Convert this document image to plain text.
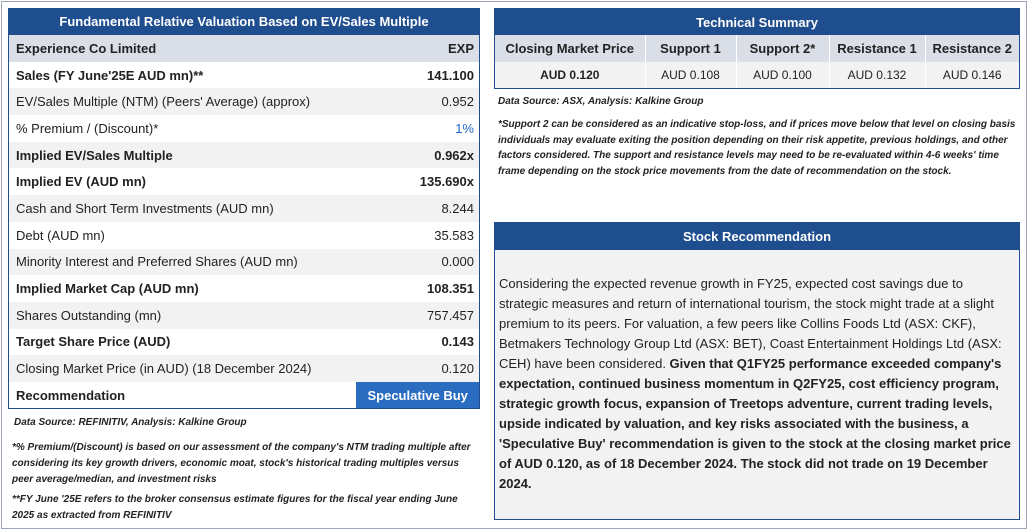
Fundamental Relative Valuation Based on EV/Sales Multiple
Experience Co Limited	EXP
Sales (FY June'25E AUD mn)**	141.100
EV/Sales Multiple (NTM) (Peers' Average) (approx)	0.952
% Premium / (Discount)*	1%
Implied EV/Sales Multiple	0.962x
Implied EV (AUD mn)	135.690x
Cash and Short Term Investments (AUD mn)	8.244
Debt (AUD mn)	35.583
Minority Interest and Preferred Shares (AUD mn)	0.000
Implied Market Cap (AUD mn)	108.351
Shares Outstanding (mn)	757.457
Target Share Price (AUD)	0.143
Closing Market Price (in AUD) (18 December 2024)	0.120
Recommendation	Speculative Buy
Data Source: REFINITIV, Analysis: Kalkine Group

*% Premium/(Discount) is based on our assessment of the company's NTM trading multiple after considering its key growth drivers, economic moat, stock's historical trading multiples versus peer average/median, and investment risks

**FY June '25E refers to the broker consensus estimate figures for the fiscal year ending June 2025 as extracted from REFINITIV

Technical Summary
Closing Market Price	Support 1	Support 2*	Resistance 1	Resistance 2
AUD 0.120	AUD 0.108	AUD 0.100	AUD 0.132	AUD 0.146
Data Source: ASX, Analysis: Kalkine Group
*Support 2 can be considered as an indicative stop-loss, and if prices move below that level on closing basis individuals may evaluate exiting the position depending on their risk appetite, previous holdings, and other factors considered. The support and resistance levels may need to be re-evaluated within 4-6 weeks' time frame depending on the stock price movements from the date of recommendation on the stock.
Stock Recommendation
Considering the expected revenue growth in FY25, expected cost savings due to strategic measures and return of international tourism, the stock might trade at a slight premium to its peers. For valuation, a few peers like Collins Foods Ltd (ASX: CKF), Betmakers Technology Group Ltd (ASX: BET), Coast Entertainment Holdings Ltd (ASX: CEH) have been considered. Given that Q1FY25 performance exceeded company's expectation, continued business momentum in Q2FY25, cost efficiency program, strategic growth focus, expansion of Treetops adventure, current trading levels, upside indicated by valuation, and key risks associated with the business, a 'Speculative Buy' recommendation is given to the stock at the closing market price of AUD 0.120, as of 18 December 2024. The stock did not trade on 19 December 2024.
